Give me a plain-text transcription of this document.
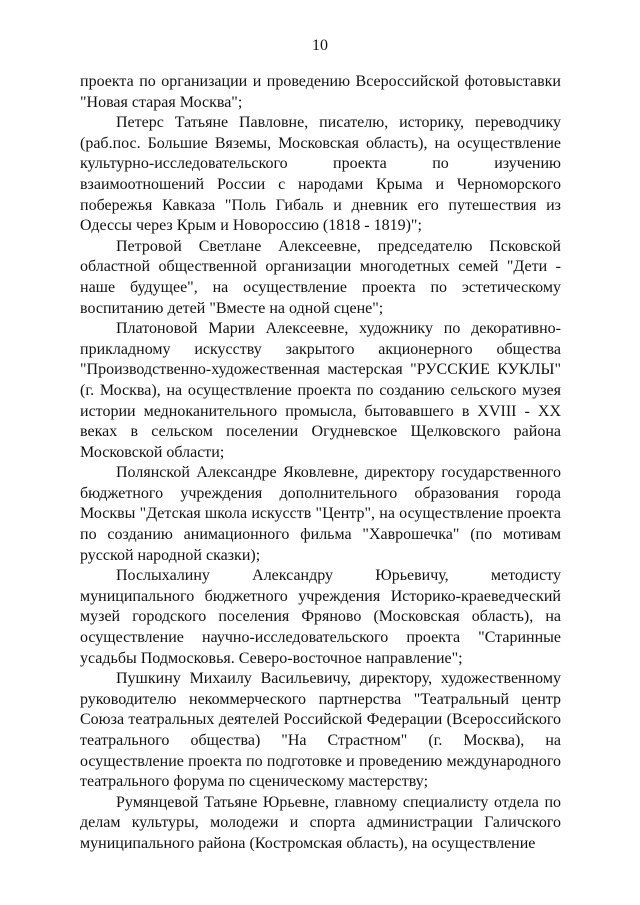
10

проекта по организации и проведению Всероссийской фотовыставки "Новая старая Москва";

Петерс Татьяне Павловне, писателю, историку, переводчику (раб.пос. Большие Вяземы, Московская область), на осуществление культурно-исследовательского проекта по изучению взаимоотношений России с народами Крыма и Черноморского побережья Кавказа "Поль Гибаль и дневник его путешествия из Одессы через Крым и Новороссию (1818 - 1819)";

Петровой Светлане Алексеевне, председателю Псковской областной общественной организации многодетных семей "Дети - наше будущее", на осуществление проекта по эстетическому воспитанию детей "Вместе на одной сцене";

Платоновой Марии Алексеевне, художнику по декоративно-прикладному искусству закрытого акционерного общества "Производственно-художественная мастерская "РУССКИЕ КУКЛЫ" (г. Москва), на осуществление проекта по созданию сельского музея истории медноканительного промысла, бытовавшего в XVIII - XX веках в сельском поселении Огудневское Щелковского района Московской области;

Полянской Александре Яковлевне, директору государственного бюджетного учреждения дополнительного образования города Москвы "Детская школа искусств "Центр", на осуществление проекта по созданию анимационного фильма "Хаврошечка" (по мотивам русской народной сказки);

Послыхалину Александру Юрьевичу, методисту муниципального бюджетного учреждения Историко-краеведческий музей городского поселения Фряново (Московская область), на осуществление научно-исследовательского проекта "Старинные усадьбы Подмосковья. Северо-восточное направление";

Пушкину Михаилу Васильевичу, директору, художественному руководителю некоммерческого партнерства "Театральный центр Союза театральных деятелей Российской Федерации (Всероссийского театрального общества) "На Страстном" (г. Москва), на осуществление проекта по подготовке и проведению международного театрального форума по сценическому мастерству;

Румянцевой Татьяне Юрьевне, главному специалисту отдела по делам культуры, молодежи и спорта администрации Галичского муниципального района (Костромская область), на осуществление
